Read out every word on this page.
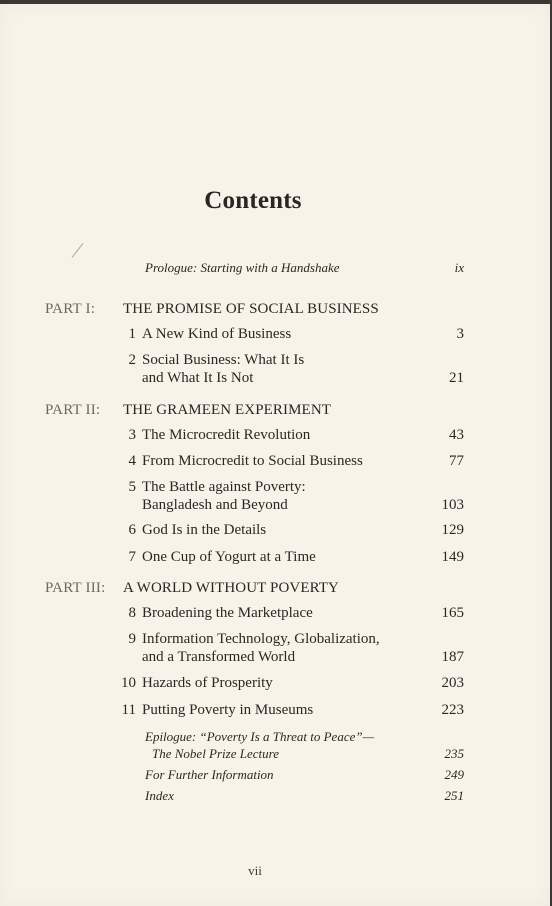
Contents
Prologue: Starting with a Handshake	ix
PART I: THE PROMISE OF SOCIAL BUSINESS
1 A New Kind of Business	3
2 Social Business: What It Is
and What It Is Not	21
PART II: THE GRAMEEN EXPERIMENT
3 The Microcredit Revolution	43
4 From Microcredit to Social Business	77
5 The Battle against Poverty:
Bangladesh and Beyond	103
6 God Is in the Details	129
7 One Cup of Yogurt at a Time	149
PART III: A WORLD WITHOUT POVERTY
8 Broadening the Marketplace	165
9 Information Technology, Globalization,
and a Transformed World	187
10 Hazards of Prosperity	203
11 Putting Poverty in Museums	223
Epilogue: “Poverty Is a Threat to Peace”—
The Nobel Prize Lecture	235
For Further Information	249
Index	251
vii
